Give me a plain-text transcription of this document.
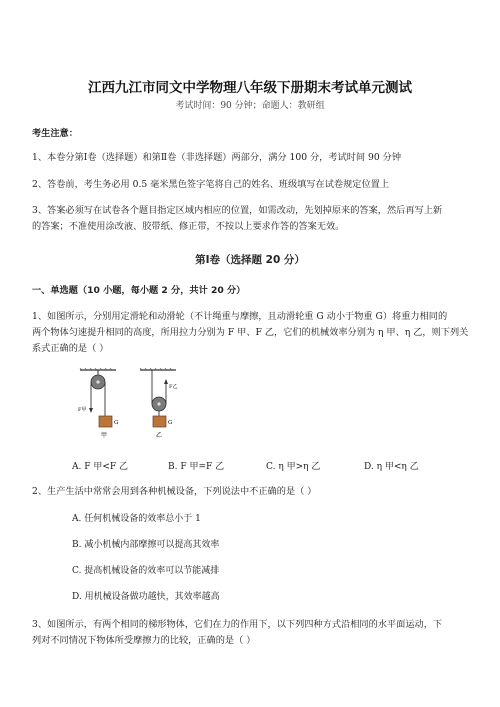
江西九江市同文中学物理八年级下册期末考试单元测试
考试时间：90 分钟；命题人：教研组
考生注意：
1、本卷分第Ⅰ卷（选择题）和第Ⅱ卷（非选择题）两部分，满分 100 分，考试时间 90 分钟
2、答卷前，考生务必用 0.5 毫米黑色签字笔将自己的姓名、班级填写在试卷规定位置上
3、答案必须写在试卷各个题目指定区域内相应的位置，如需改动，先划掉原来的答案，然后再写上新
的答案；不准使用涂改液、胶带纸、修正带，不按以上要求作答的答案无效。
第Ⅰ卷（选择题 20 分）
一、单选题（10 小题，每小题 2 分，共计 20 分）
1、如图所示，分别用定滑轮和动滑轮（不计绳重与摩擦，且动滑轮重 G 动小于物重 G）将重力相同的
两个物体匀速提升相同的高度，所用拉力分别为 F 甲、F 乙，它们的机械效率分别为 η 甲、η 乙，则下列关
系式正确的是（ ）
F甲
G
甲
F乙
G
乙
A. F 甲<F 乙	B. F 甲=F 乙	C. η 甲>η 乙	D. η 甲<η 乙
2、生产生活中常常会用到各种机械设备，下列说法中不正确的是（ ）
A. 任何机械设备的效率总小于 1
B. 减小机械内部摩擦可以提高其效率
C. 提高机械设备的效率可以节能减排
D. 用机械设备做功越快，其效率越高
3、如图所示，有两个相同的梯形物体，它们在力的作用下，以下列四种方式沿相同的水平面运动，下
列对不同情况下物体所受摩擦力的比较，正确的是（ ）
